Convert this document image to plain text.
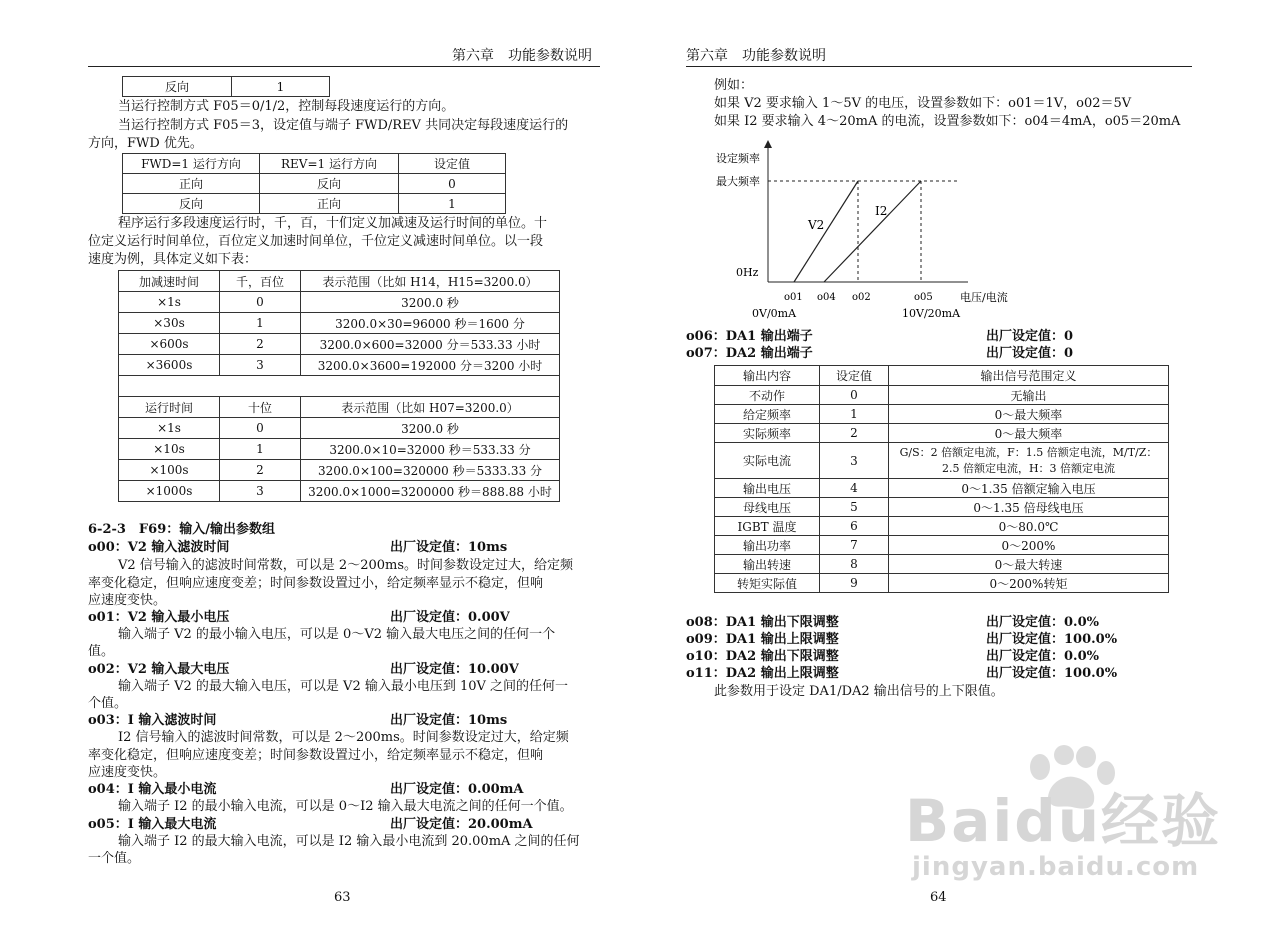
第六章　功能参数说明
反向	1
当运行控制方式 F05＝0/1/2，控制每段速度运行的方向。
当运行控制方式 F05＝3，设定值与端子 FWD/REV 共同决定每段速度运行的
方向，FWD 优先。
FWD=1 运行方向	REV=1 运行方向	设定值
正向	反向	0
反向	正向	1
程序运行多段速度运行时，千，百，十们定义加减速及运行时间的单位。十
位定义运行时间单位，百位定义加速时间单位，千位定义减速时间单位。以一段
速度为例，具体定义如下表：
加减速时间	千，百位	表示范围（比如 H14，H15=3200.0）
×1s	0	3200.0 秒
×30s	1	3200.0×30=96000 秒＝1600 分
×600s	2	3200.0×600=32000 分＝533.33 小时
×3600s	3	3200.0×3600=192000 分＝3200 小时

运行时间	十位	表示范围（比如 H07=3200.0）
×1s	0	3200.0 秒
×10s	1	3200.0×10=32000 秒＝533.33 分
×100s	2	3200.0×100=320000 秒＝5333.33 分
×1000s	3	3200.0×1000=3200000 秒＝888.88 小时
6-2-3　F69：输入/输出参数组
o00：V2 输入滤波时间	出厂设定值：10ms
V2 信号输入的滤波时间常数，可以是 2～200ms。时间参数设定过大，给定频
率变化稳定，但响应速度变差；时间参数设置过小，给定频率显示不稳定，但响
应速度变快。
o01：V2 输入最小电压	出厂设定值：0.00V
输入端子 V2 的最小输入电压，可以是 0～V2 输入最大电压之间的任何一个
值。
o02：V2 输入最大电压	出厂设定值：10.00V
输入端子 V2 的最大输入电压，可以是 V2 输入最小电压到 10V 之间的任何一
个值。
o03：I 输入滤波时间	出厂设定值：10ms
I2 信号输入的滤波时间常数，可以是 2～200ms。时间参数设定过大，给定频
率变化稳定，但响应速度变差；时间参数设置过小，给定频率显示不稳定，但响
应速度变快。
o04：I 输入最小电流	出厂设定值：0.00mA
输入端子 I2 的最小输入电流，可以是 0～I2 输入最大电流之间的任何一个值。
o05：I 输入最大电流	出厂设定值：20.00mA
输入端子 I2 的最大输入电流，可以是 I2 输入最小电流到 20.00mA 之间的任何
一个值。
63
第六章　功能参数说明
例如：
如果 V2 要求输入 1～5V 的电压，设置参数如下：o01＝1V，o02＝5V
如果 I2 要求输入 4～20mA 的电流，设置参数如下：o04＝4mA，o05＝20mA
设定频率
最大频率
0Hz
V2
I2
o01 o04 o02	o05 电压/电流
0V/0mA	10V/20mA
o06：DA1 输出端子	出厂设定值：0
o07：DA2 输出端子	出厂设定值：0
输出内容	设定值	输出信号范围定义
不动作	0	无输出
给定频率	1	0～最大频率
实际频率	2	0～最大频率
实际电流	3	G/S：2 倍额定电流，F：1.5 倍额定电流，M/T/Z：
2.5 倍额定电流，H：3 倍额定电流

输出电压	4	0～1.35 倍额定输入电压
母线电压	5	0～1.35 倍母线电压
IGBT 温度	6	0～80.0℃
输出功率	7	0～200%
输出转速	8	0～最大转速
转矩实际值	9	0～200%转矩
o08：DA1 输出下限调整	出厂设定值：0.0%
o09：DA1 输出上限调整	出厂设定值：100.0%
o10：DA2 输出下限调整	出厂设定值：0.0%
o11：DA2 输出上限调整	出厂设定值：100.0%
此参数用于设定 DA1/DA2 输出信号的上下限值。
64
Baidu经验
jingyan.baidu.com
